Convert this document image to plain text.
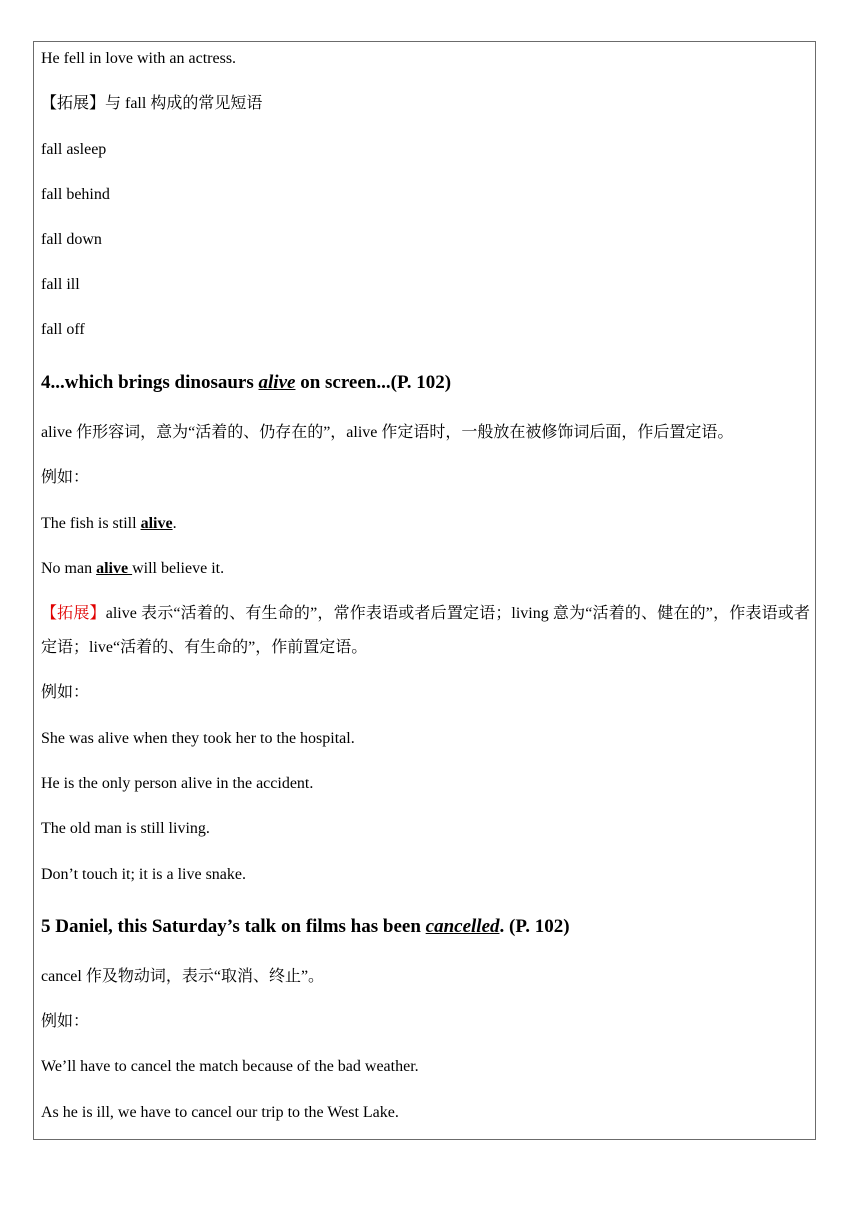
He fell in love with an actress.
【拓展】与 fall 构成的常见短语
fall asleep
fall behind
fall down
fall ill
fall off
4...which brings dinosaurs alive on screen...(P. 102)
alive 作形容词，意为“活着的、仍存在的”，alive 作定语时，一般放在被修饰词后面，作后置定语。
例如：
The fish is still alive.
No man alive will believe it.
【拓展】alive 表示“活着的、有生命的”，常作表语或者后置定语；living 意为“活着的、健在的”，作表语或者定语；live“活着的、有生命的”，作前置定语。
例如：
She was alive when they took her to the hospital.
He is the only person alive in the accident.
The old man is still living.
Don’t touch it; it is a live snake.
5 Daniel, this Saturday’s talk on films has been cancelled. (P. 102)
cancel 作及物动词，表示“取消、终止”。
例如：
We’ll have to cancel the match because of the bad weather.
As he is ill, we have to cancel our trip to the West Lake.
